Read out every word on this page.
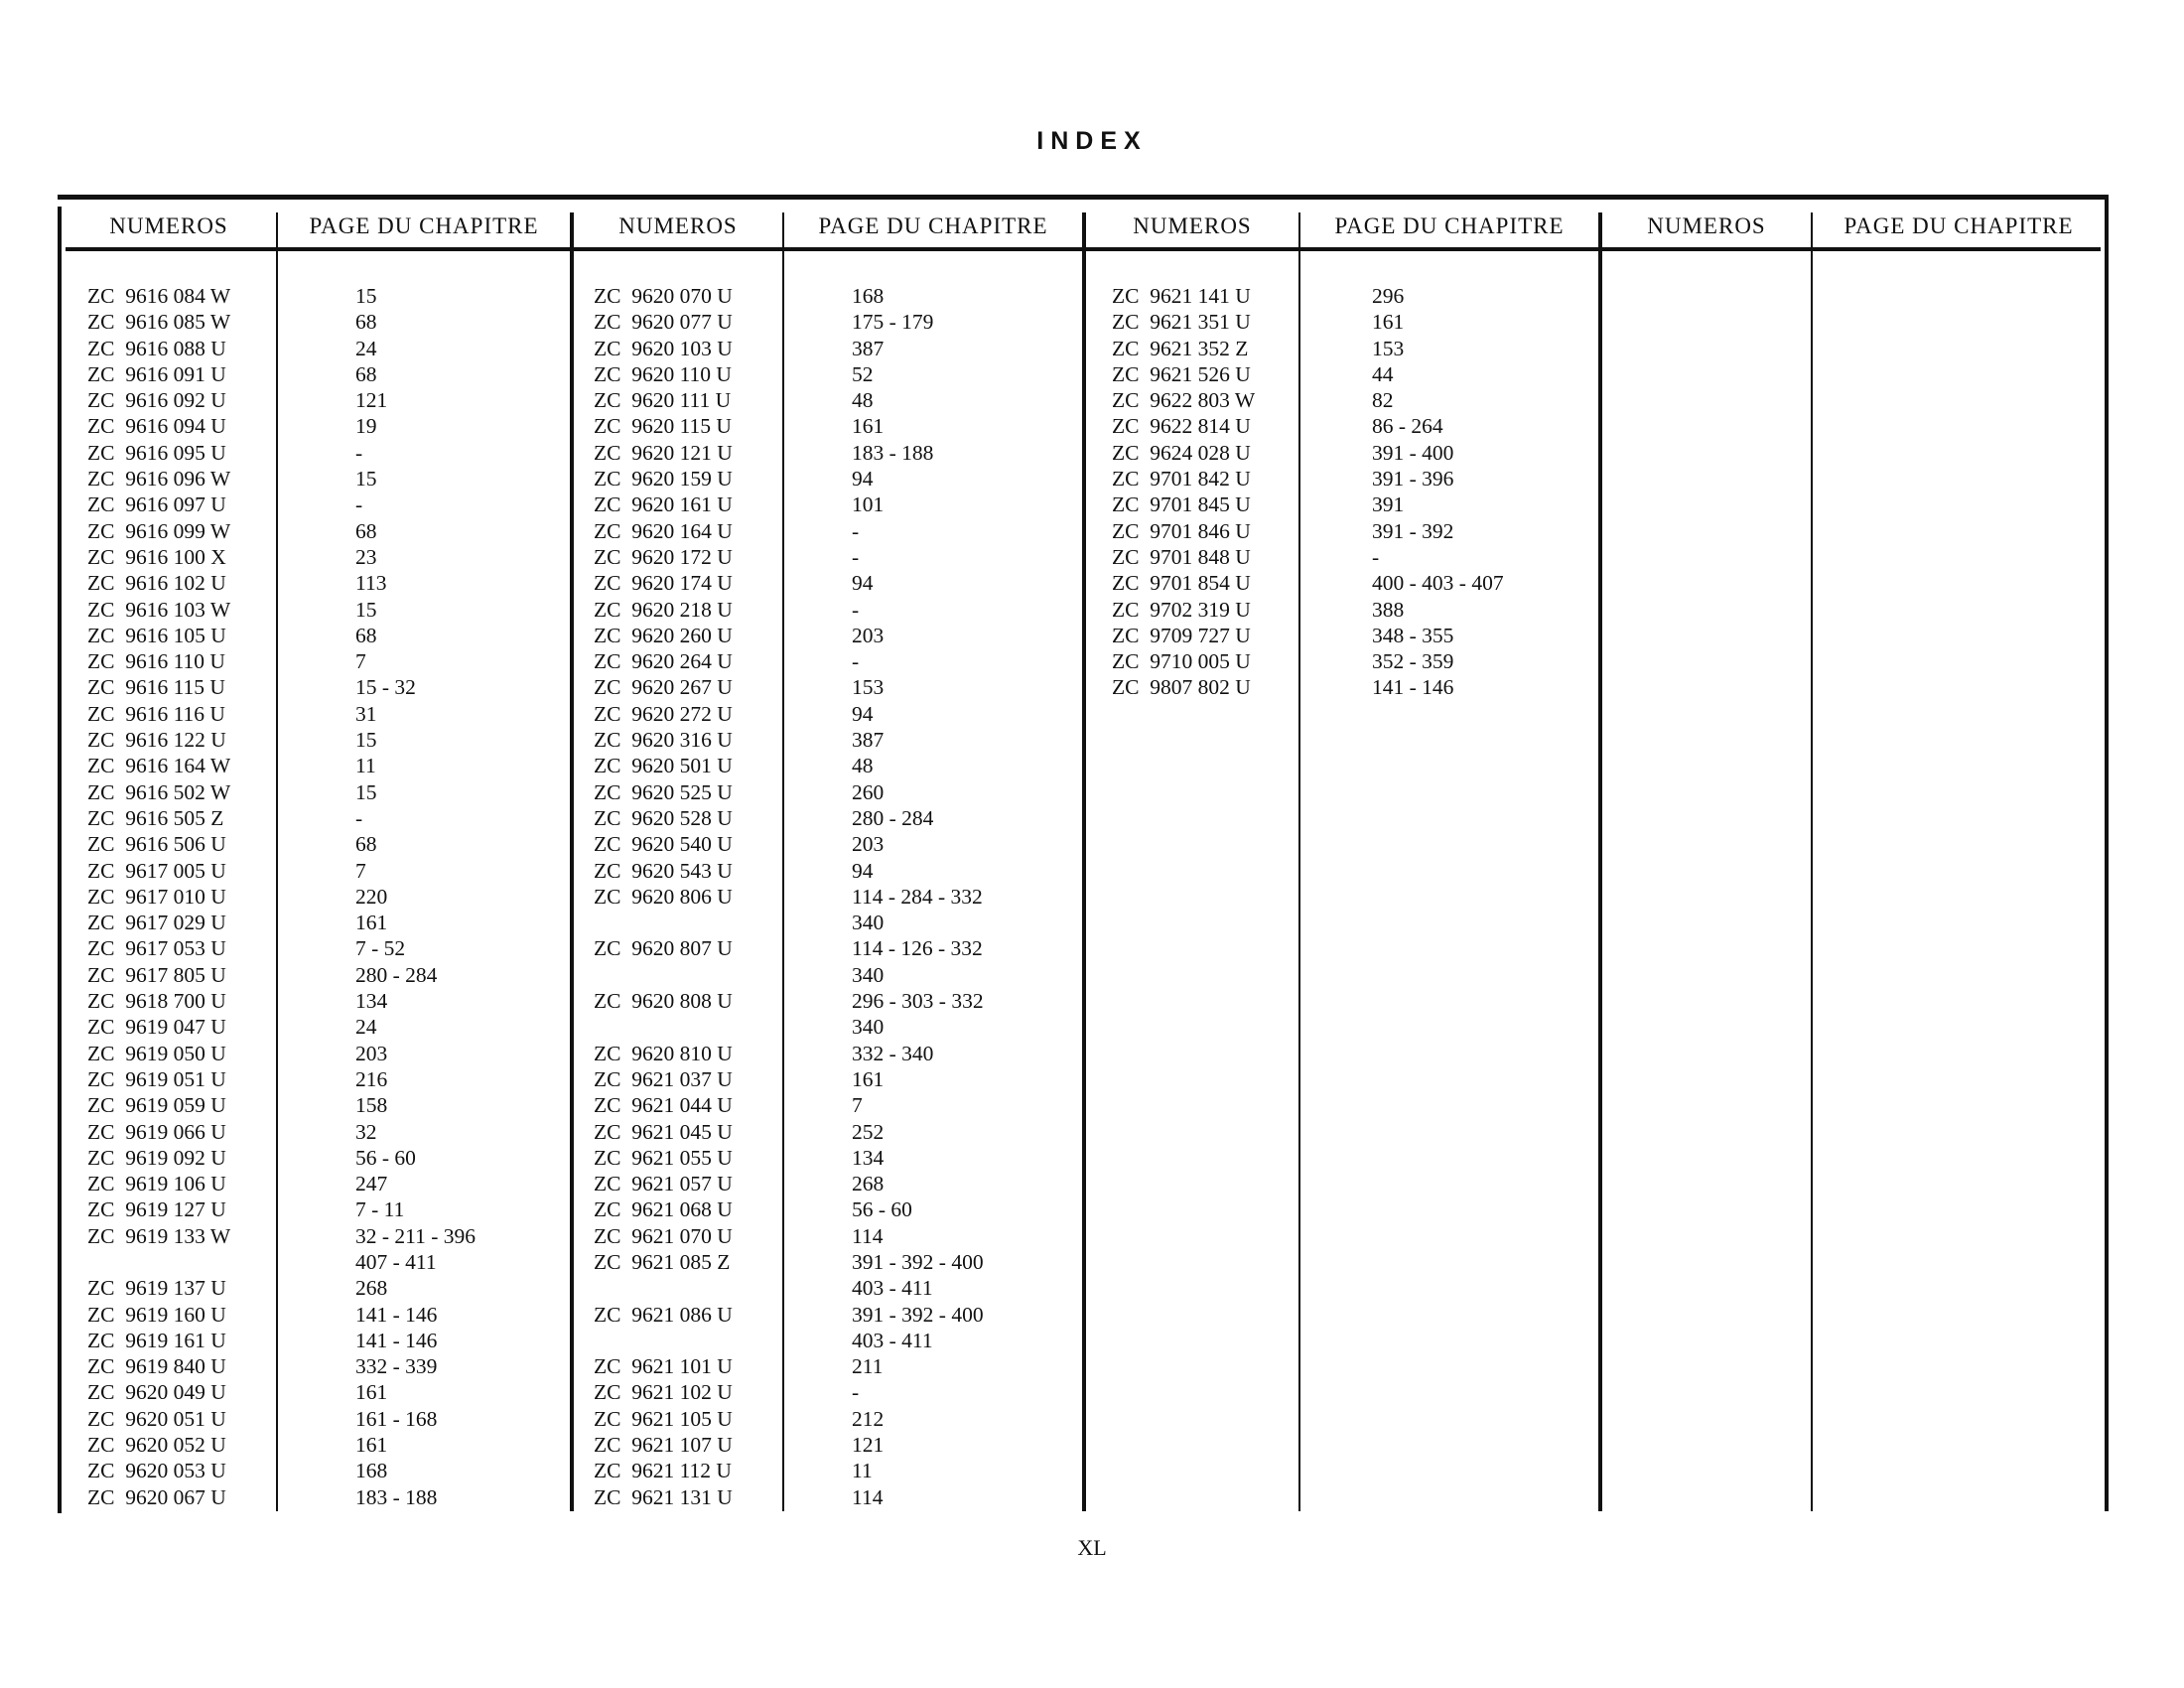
INDEX
NUMEROS	PAGE DU CHAPITRE	NUMEROS	PAGE DU CHAPITRE	NUMEROS	PAGE DU CHAPITRE	NUMEROS	PAGE DU CHAPITRE
ZC  9616 084 W	15
ZC  9616 085 W	68
ZC  9616 088 U	24
ZC  9616 091 U	68
ZC  9616 092 U	121
ZC  9616 094 U	19
ZC  9616 095 U	-
ZC  9616 096 W	15
ZC  9616 097 U	-
ZC  9616 099 W	68
ZC  9616 100 X	23
ZC  9616 102 U	113
ZC  9616 103 W	15
ZC  9616 105 U	68
ZC  9616 110 U	7
ZC  9616 115 U	15 - 32
ZC  9616 116 U	31
ZC  9616 122 U	15
ZC  9616 164 W	11
ZC  9616 502 W	15
ZC  9616 505 Z	-
ZC  9616 506 U	68
ZC  9617 005 U	7
ZC  9617 010 U	220
ZC  9617 029 U	161
ZC  9617 053 U	7 - 52
ZC  9617 805 U	280 - 284
ZC  9618 700 U	134
ZC  9619 047 U	24
ZC  9619 050 U	203
ZC  9619 051 U	216
ZC  9619 059 U	158
ZC  9619 066 U	32
ZC  9619 092 U	56 - 60
ZC  9619 106 U	247
ZC  9619 127 U	7 - 11
ZC  9619 133 W	32 - 211 - 396
407 - 411
ZC  9619 137 U	268
ZC  9619 160 U	141 - 146
ZC  9619 161 U	141 - 146
ZC  9619 840 U	332 - 339
ZC  9620 049 U	161
ZC  9620 051 U	161 - 168
ZC  9620 052 U	161
ZC  9620 053 U	168
ZC  9620 067 U	183 - 188
ZC  9620 070 U	168
ZC  9620 077 U	175 - 179
ZC  9620 103 U	387
ZC  9620 110 U	52
ZC  9620 111 U	48
ZC  9620 115 U	161
ZC  9620 121 U	183 - 188
ZC  9620 159 U	94
ZC  9620 161 U	101
ZC  9620 164 U	-
ZC  9620 172 U	-
ZC  9620 174 U	94
ZC  9620 218 U	-
ZC  9620 260 U	203
ZC  9620 264 U	-
ZC  9620 267 U	153
ZC  9620 272 U	94
ZC  9620 316 U	387
ZC  9620 501 U	48
ZC  9620 525 U	260
ZC  9620 528 U	280 - 284
ZC  9620 540 U	203
ZC  9620 543 U	94
ZC  9620 806 U	114 - 284 - 332
340
ZC  9620 807 U	114 - 126 - 332
340
ZC  9620 808 U	296 - 303 - 332
340
ZC  9620 810 U	332 - 340
ZC  9621 037 U	161
ZC  9621 044 U	7
ZC  9621 045 U	252
ZC  9621 055 U	134
ZC  9621 057 U	268
ZC  9621 068 U	56 - 60
ZC  9621 070 U	114
ZC  9621 085 Z	391 - 392 - 400
403 - 411
ZC  9621 086 U	391 - 392 - 400
403 - 411
ZC  9621 101 U	211
ZC  9621 102 U	-
ZC  9621 105 U	212
ZC  9621 107 U	121
ZC  9621 112 U	11
ZC  9621 131 U	114
ZC  9621 141 U	296
ZC  9621 351 U	161
ZC  9621 352 Z	153
ZC  9621 526 U	44
ZC  9622 803 W	82
ZC  9622 814 U	86 - 264
ZC  9624 028 U	391 - 400
ZC  9701 842 U	391 - 396
ZC  9701 845 U	391
ZC  9701 846 U	391 - 392
ZC  9701 848 U	-
ZC  9701 854 U	400 - 403 - 407
ZC  9702 319 U	388
ZC  9709 727 U	348 - 355
ZC  9710 005 U	352 - 359
ZC  9807 802 U	141 - 146
XL
